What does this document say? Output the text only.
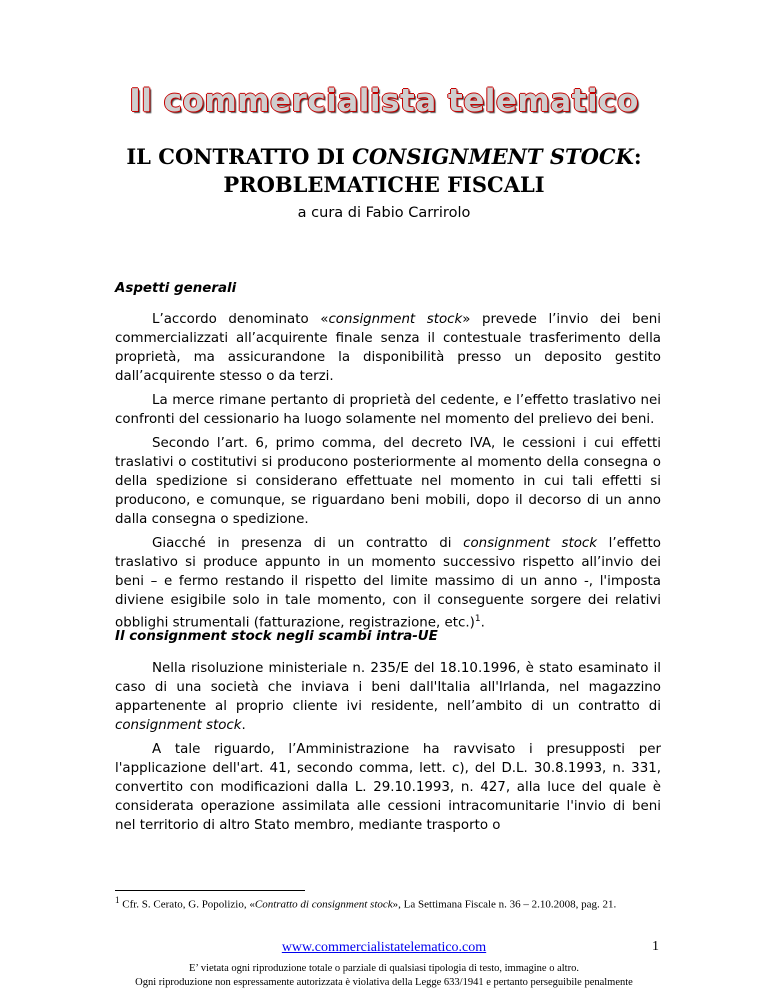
Il commercialista telematico
IL CONTRATTO DI CONSIGNMENT STOCK:
PROBLEMATICHE FISCALI
a cura di Fabio Carrirolo
Aspetti generali

L’accordo denominato «consignment stock» prevede l’invio dei beni commercializzati all’acquirente finale senza il contestuale trasferimento della proprietà, ma assicurandone la disponibilità presso un deposito gestito dall’acquirente stesso o da terzi.

La merce rimane pertanto di proprietà del cedente, e l’effetto traslativo nei confronti del cessionario ha luogo solamente nel momento del prelievo dei beni.

Secondo l’art. 6, primo comma, del decreto IVA, le cessioni i cui effetti traslativi o costitutivi si producono posteriormente al momento della consegna o della spedizione si considerano effettuate nel momento in cui tali effetti si producono, e comunque, se riguardano beni mobili, dopo il decorso di un anno dalla consegna o spedizione.

Giacché in presenza di un contratto di consignment stock l’effetto traslativo si produce appunto in un momento successivo rispetto all’invio dei beni – e fermo restando il rispetto del limite massimo di un anno -, l'imposta diviene esigibile solo in tale momento, con il conseguente sorgere dei relativi obblighi strumentali (fatturazione, registrazione, etc.)$^1$.

Il consignment stock negli scambi intra-UE

Nella risoluzione ministeriale n. 235/E del 18.10.1996, è stato esaminato il caso di una società che inviava i beni dall'Italia all'Irlanda, nel magazzino appartenente al proprio cliente ivi residente, nell’ambito di un contratto di consignment stock.

A tale riguardo, l’Amministrazione ha ravvisato i presupposti per l'applicazione dell'art. 41, secondo comma, lett. c), del D.L. 30.8.1993, n. 331, convertito con modificazioni dalla L. 29.10.1993, n. 427, alla luce del quale è considerata operazione assimilata alle cessioni intracomunitarie l'invio di beni nel territorio di altro Stato membro, mediante trasporto o

$^1$ Cfr. S. Cerato, G. Popolizio, «Contratto di consignment stock», La Settimana Fiscale n. 36 – 2.10.2008, pag. 21.
www.commercialistatelematico.com	1
E’ vietata ogni riproduzione totale o parziale di qualsiasi tipologia di testo, immagine o altro.
Ogni riproduzione non espressamente autorizzata è violativa della Legge 633/1941 e pertanto perseguibile penalmente
